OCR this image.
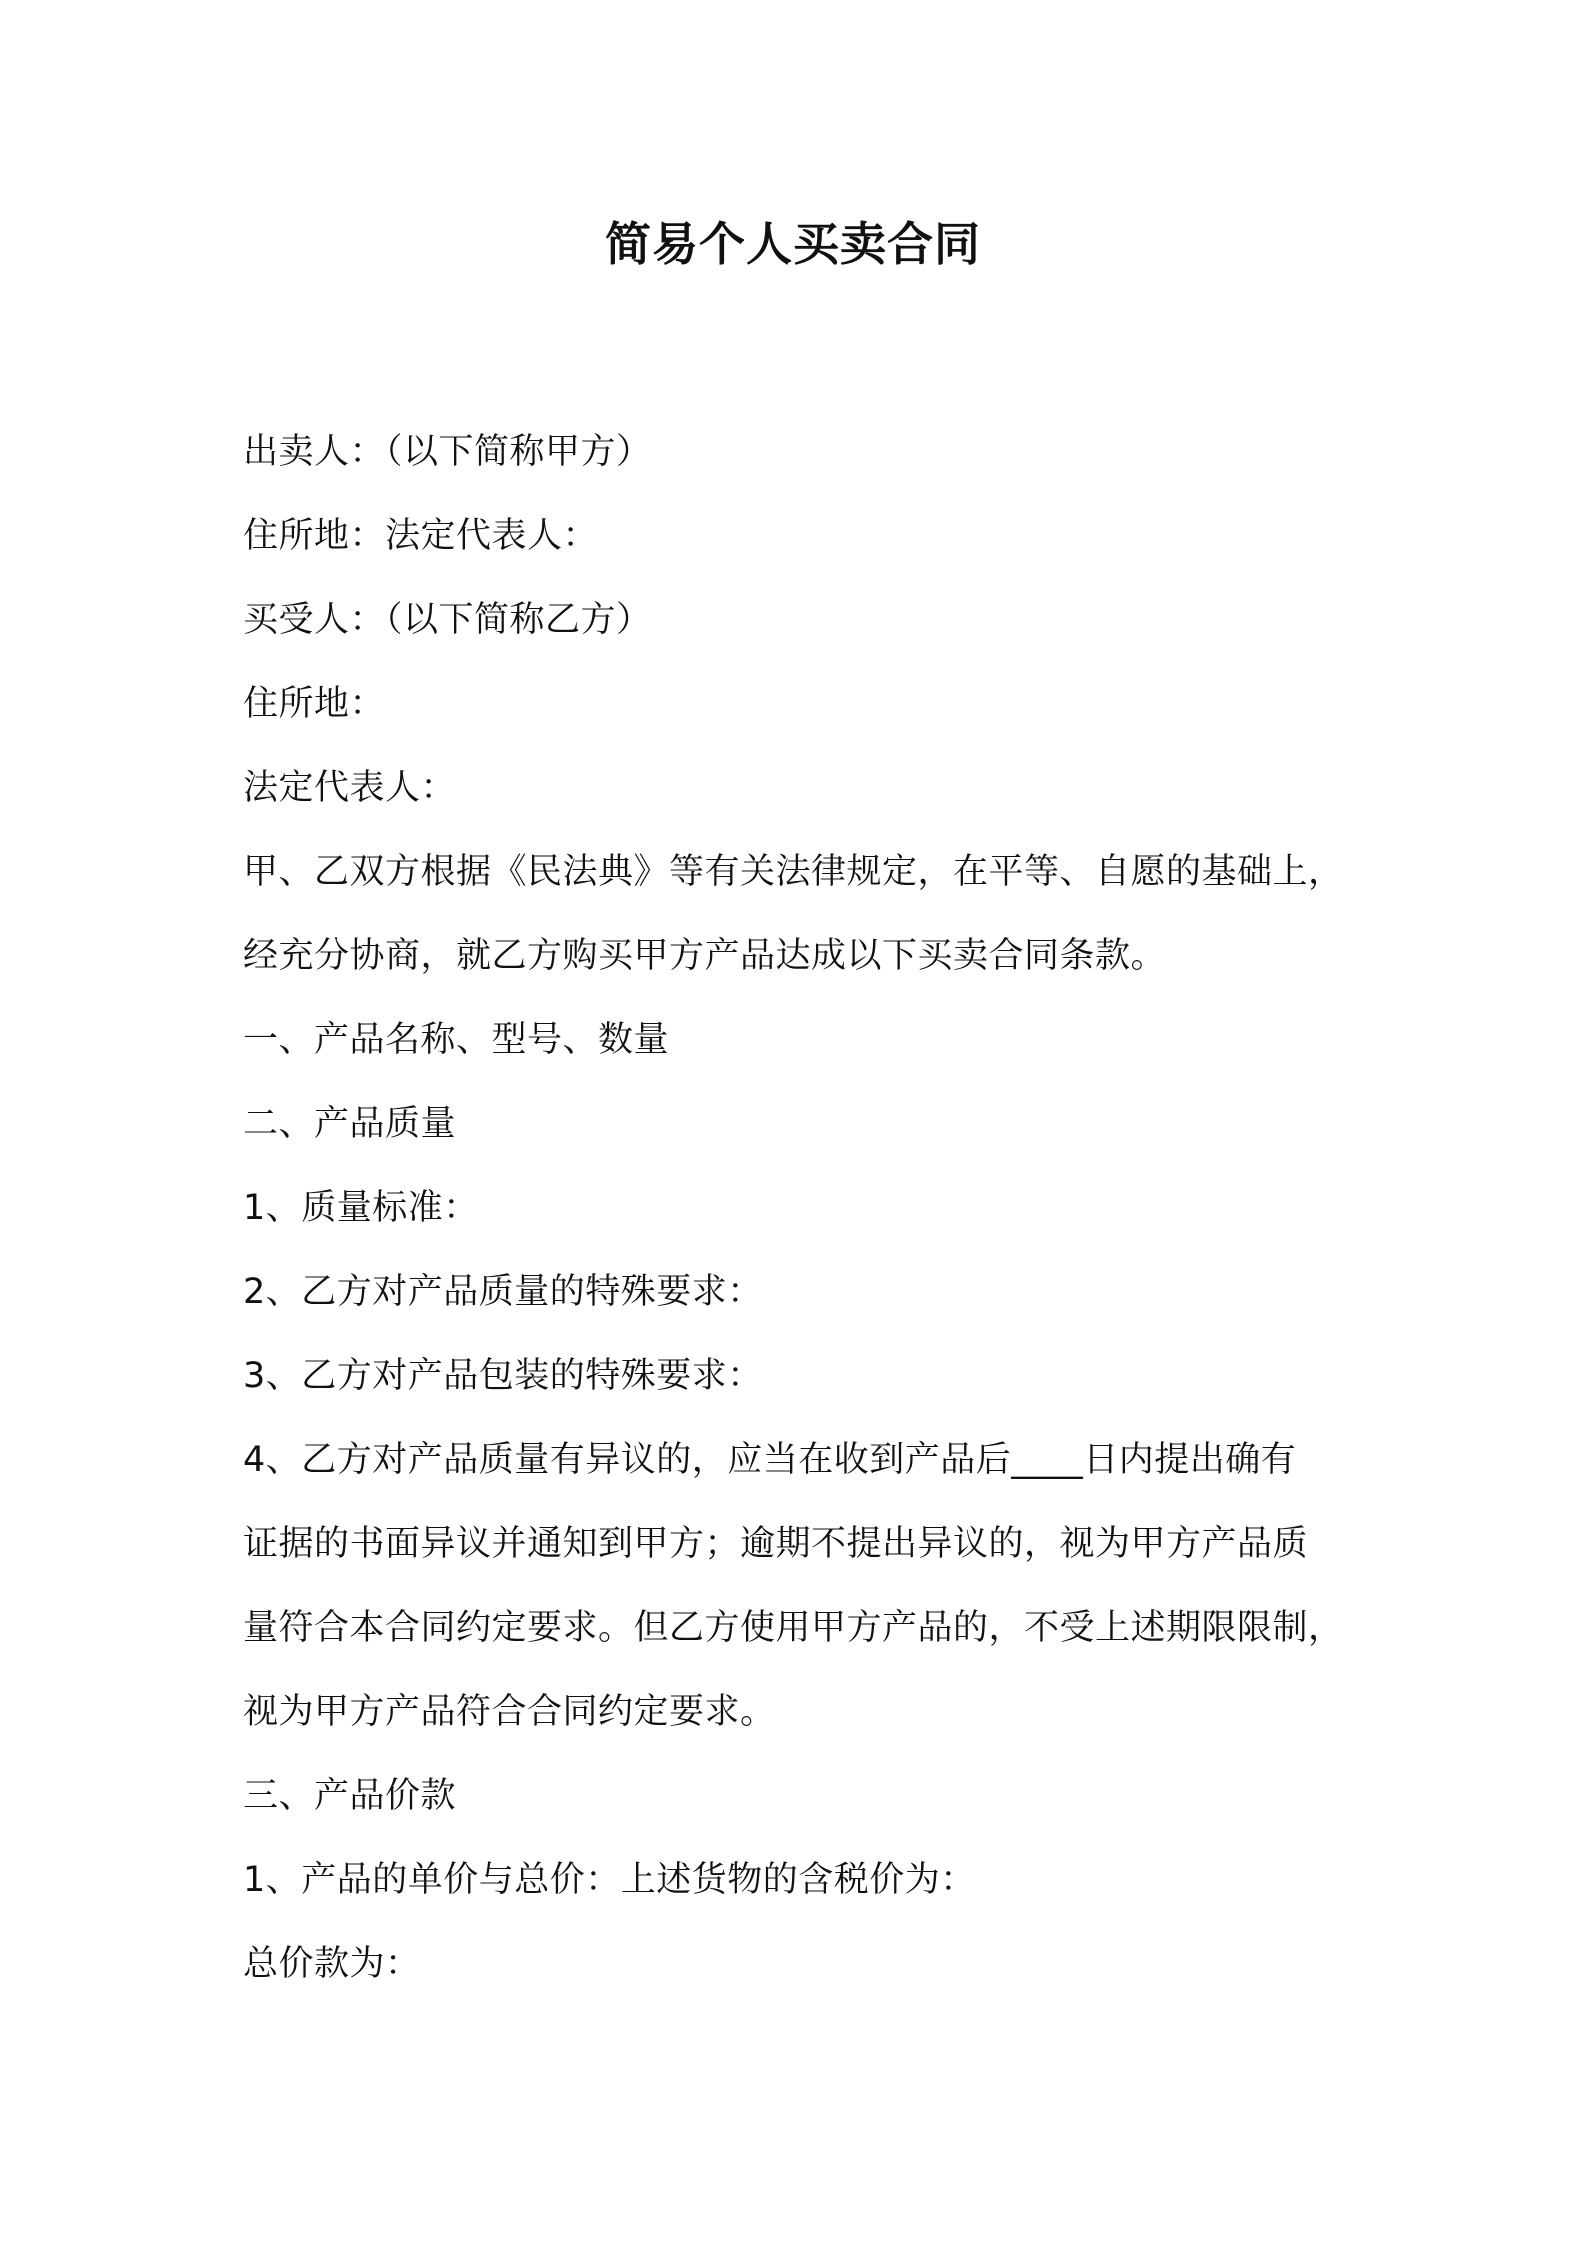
简易个人买卖合同
出卖人：（以下简称甲方）
住所地：法定代表人：
买受人：（以下简称乙方）
住所地：
法定代表人：
甲、乙双方根据《民法典》等有关法律规定，在平等、自愿的基础上，
经充分协商，就乙方购买甲方产品达成以下买卖合同条款。
一、产品名称、型号、数量
二、产品质量
1、质量标准：
2、乙方对产品质量的特殊要求：
3、乙方对产品包装的特殊要求：
4、乙方对产品质量有异议的，应当在收到产品后____日内提出确有
证据的书面异议并通知到甲方；逾期不提出异议的，视为甲方产品质
量符合本合同约定要求。但乙方使用甲方产品的，不受上述期限限制，
视为甲方产品符合合同约定要求。
三、产品价款
1、产品的单价与总价：上述货物的含税价为：
总价款为：
